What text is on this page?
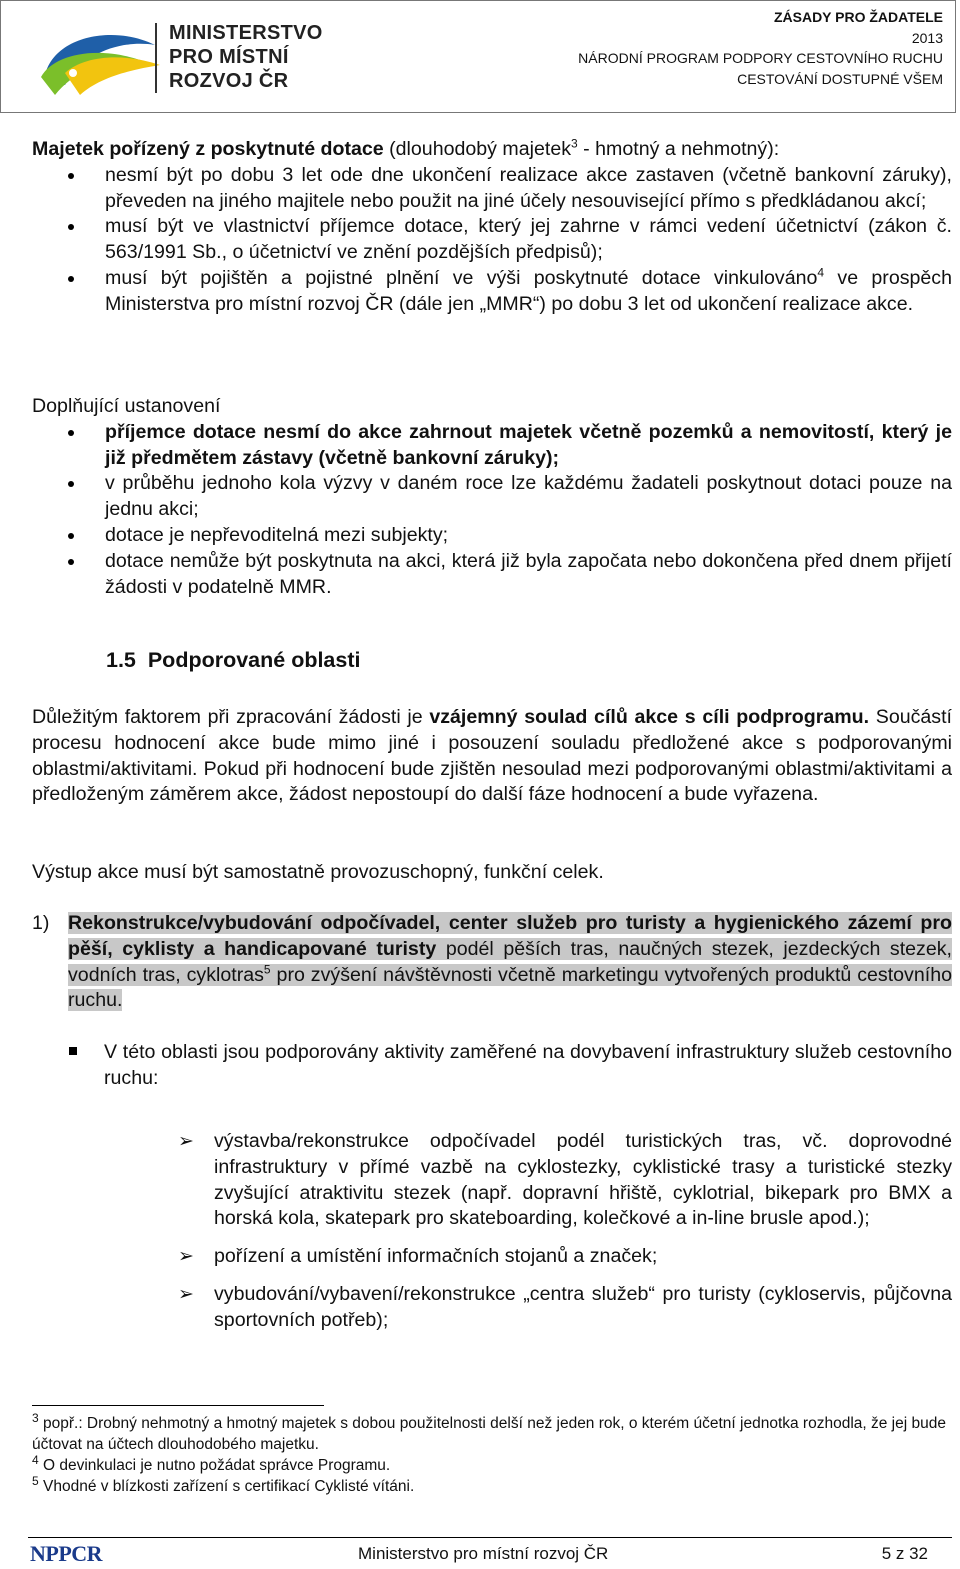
MINISTERSTVO
PRO MÍSTNÍ
ROZVOJ ČR
ZÁSADY PRO ŽADATELE
2013
NÁRODNÍ PROGRAM PODPORY CESTOVNÍHO RUCHU
CESTOVÁNÍ DOSTUPNÉ VŠEM

Majetek pořízený z poskytnuté dotace (dlouhodobý majetek$^3$ - hmotný a nehmotný):

nesmí být po dobu 3 let ode dne ukončení realizace akce zastaven (včetně bankovní záruky), převeden na jiného majitele nebo použit na jiné účely nesouvisející přímo s předkládanou akcí;
musí být ve vlastnictví příjemce dotace, který jej zahrne v rámci vedení účetnictví (zákon č. 563/1991 Sb., o účetnictví ve znění pozdějších předpisů);
musí být pojištěn a pojistné plnění ve výši poskytnuté dotace vinkulováno$^4$ ve prospěch Ministerstva pro místní rozvoj ČR (dále jen „MMR“) po dobu 3 let od ukončení realizace akce.

Doplňující ustanovení

příjemce dotace nesmí do akce zahrnout majetek včetně pozemků a nemovitostí, který je již předmětem zástavy (včetně bankovní záruky);
v průběhu jednoho kola výzvy v daném roce lze každému žadateli poskytnout dotaci pouze na jednu akci;
dotace je nepřevoditelná mezi subjekty;
dotace nemůže být poskytnuta na akci, která již byla započata nebo dokončena před dnem přijetí žádosti v podatelně MMR.

1.5 Podporované oblasti

Důležitým faktorem při zpracování žádosti je vzájemný soulad cílů akce s cíli podprogramu. Součástí procesu hodnocení akce bude mimo jiné i posouzení souladu předložené akce s podporovanými oblastmi/aktivitami. Pokud při hodnocení bude zjištěn nesoulad mezi podporovanými oblastmi/aktivitami a předloženým záměrem akce, žádost nepostoupí do další fáze hodnocení a bude vyřazena.

Výstup akce musí být samostatně provozuschopný, funkční celek.

1) Rekonstrukce/vybudování odpočívadel, center služeb pro turisty a hygienického zázemí pro pěší, cyklisty a handicapované turisty podél pěších tras, naučných stezek, jezdeckých stezek, vodních tras, cyklotras$^5$ pro zvýšení návštěvnosti včetně marketingu vytvořených produktů cestovního ruchu.

V této oblasti jsou podporovány aktivity zaměřené na dovybavení infrastruktury služeb cestovního ruchu:

➢ výstavba/rekonstrukce odpočívadel podél turistických tras, vč. doprovodné infrastruktury v přímé vazbě na cyklostezky, cyklistické trasy a turistické stezky zvyšující atraktivitu stezek (např. dopravní hřiště, cyklotrial, bikepark pro BMX a horská kola, skatepark pro skateboarding, kolečkové a in-line brusle apod.);
➢ pořízení a umístění informačních stojanů a značek;
➢ vybudování/vybavení/rekonstrukce „centra služeb“ pro turisty (cykloservis, půjčovna sportovních potřeb);

$^3$ popř.: Drobný nehmotný a hmotný majetek s dobou použitelnosti delší než jeden rok, o kterém účetní jednotka rozhodla, že jej bude účtovat na účtech dlouhodobého majetku.

$^4$ O devinkulaci je nutno požádat správce Programu.

$^5$ Vhodné v blízkosti zařízení s certifikací Cyklisté vítáni.

NPPCR	Ministerstvo pro místní rozvoj ČR	5 z 32
